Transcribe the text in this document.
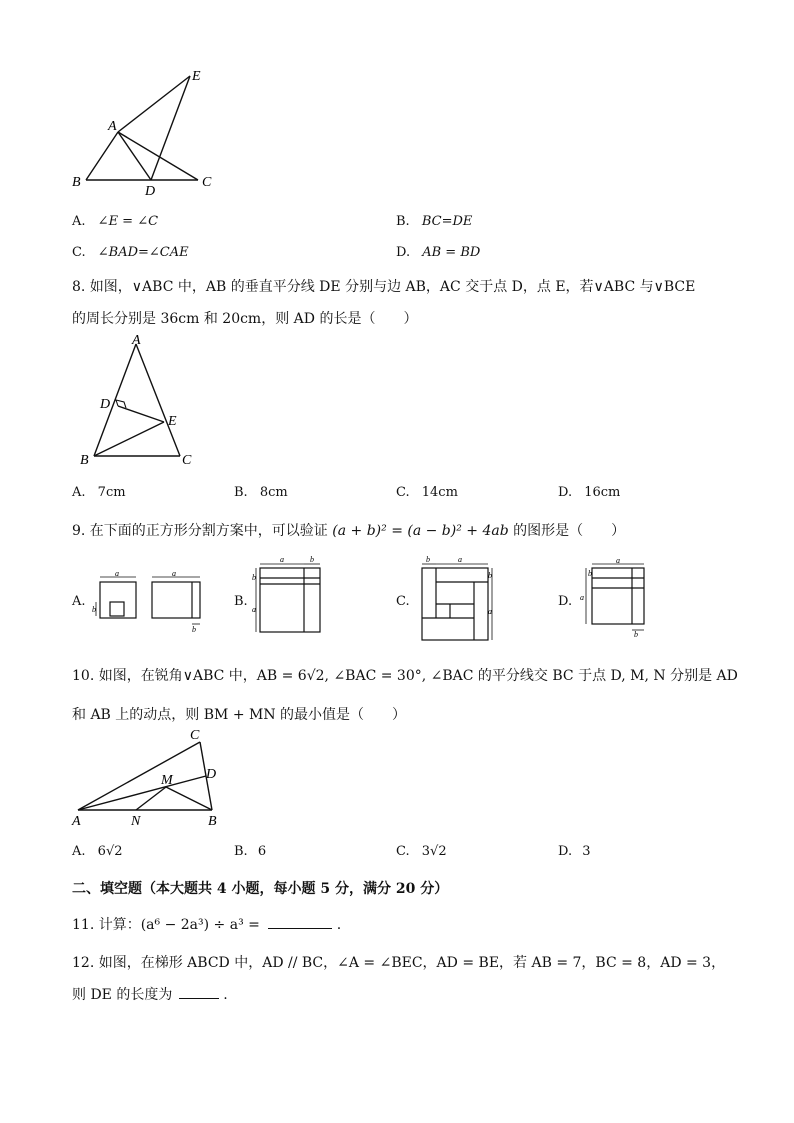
E
A
B
D
C
A. ∠E = ∠C	B. BC=DE
C. ∠BAD=∠CAE	D. AB = BD
8. 如图，∨ABC 中，AB 的垂直平分线 DE 分别与边 AB，AC 交于点 D，点 E，若∨ABC 与∨BCE
的周长分别是 36cm 和 20cm，则 AD 的长是（　　）
A
D
E
B	C
A. 7cm	B. 8cm	C. 14cm	D. 16cm
9. 在下面的正方形分割方案中，可以验证 (a + b)² = (a − b)² + 4ab 的图形是（　　）
A.
a	a
b
b
B.
a	b
b
a
C.
b	a
b
a
D.
a
b
a
b
10. 如图，在锐角∨ABC 中，AB = 6√2, ∠BAC = 30°, ∠BAC 的平分线交 BC 于点 D, M, N 分别是 AD
和 AB 上的动点，则 BM + MN 的最小值是（　　）
C
D
M
A	N	B
A. 6√2	B. 6	C. 3√2	D. 3
二、填空题（本大题共 4 小题，每小题 5 分，满分 20 分）
11. 计算：(a⁶ − 2a³) ÷ a³ =	.
12. 如图，在梯形 ABCD 中，AD // BC，∠A = ∠BEC，AD = BE，若 AB = 7，BC = 8，AD = 3，
则 DE 的长度为	.
